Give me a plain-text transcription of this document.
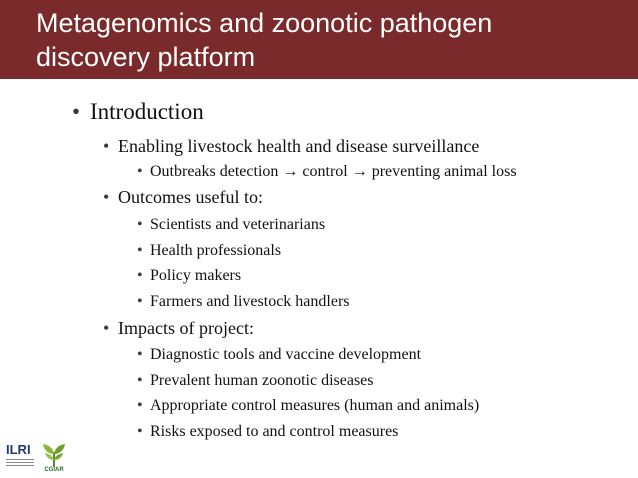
Metagenomics and zoonotic pathogen
discovery platform
• Introduction
• Enabling livestock health and disease surveillance
• Outbreaks detection → control → preventing animal loss
• Outcomes useful to:
• Scientists and veterinarians
• Health professionals
• Policy makers
• Farmers and livestock handlers
• Impacts of project:
• Diagnostic tools and vaccine development
• Prevalent human zoonotic diseases
• Appropriate control measures (human and animals)
• Risks exposed to and control measures
ILRI
CGIAR
